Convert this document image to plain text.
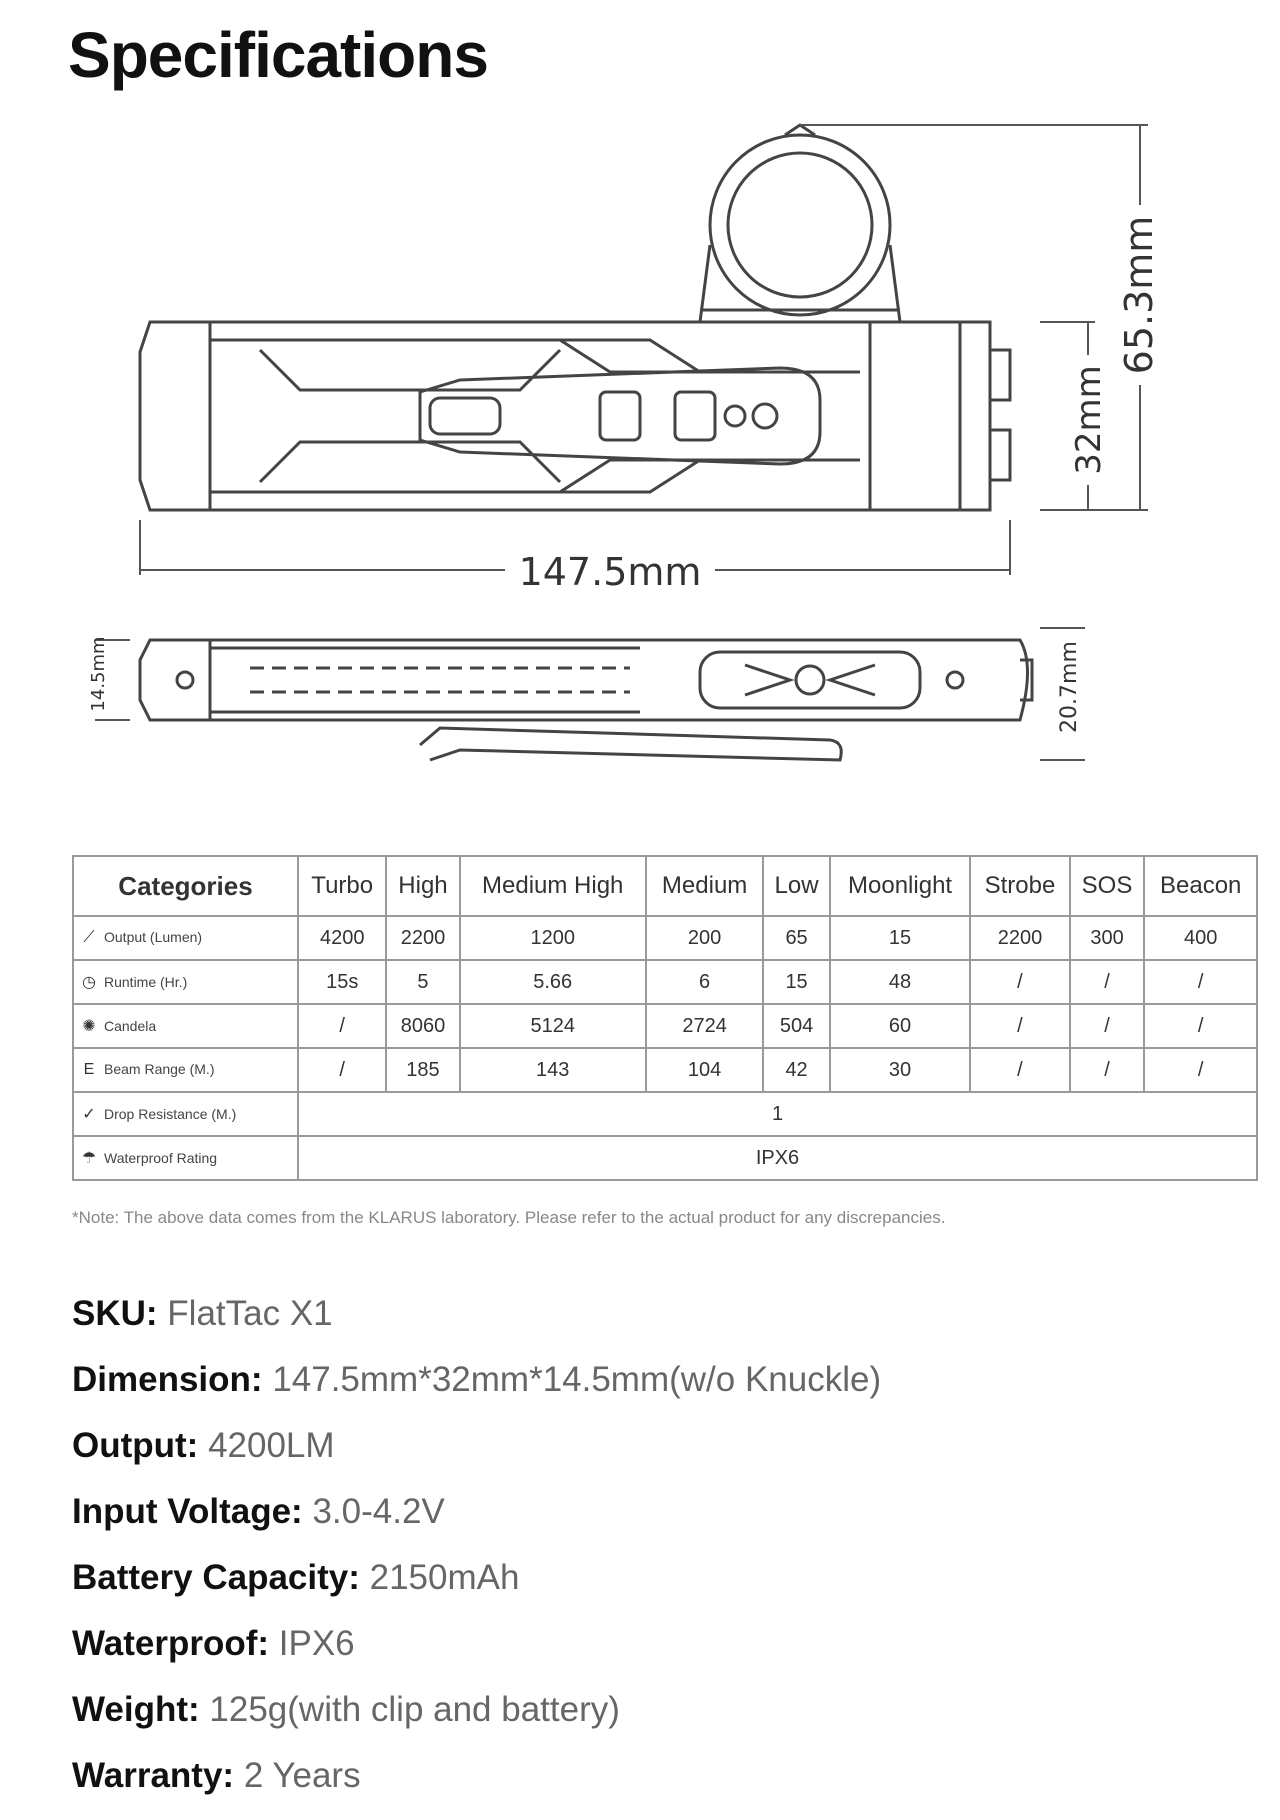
Specifications
147.5mm
32mm
65.3mm
14.5mm	20.7mm
Categories	Turbo	High	Medium High	Medium	Low	Moonlight	Strobe	SOS	Beacon
⟋ Output (Lumen)	4200	2200	1200	200	65	15	2200	300	400
◷ Runtime (Hr.)	15s	5	5.66	6	15	48	/	/	/
✺ Candela	/	8060	5124	2724	504	60	/	/	/
E Beam Range (M.)	/	185	143	104	42	30	/	/	/
✓ Drop Resistance (M.)	1								
☂ Waterproof Rating	IPX6								
*Note: The above data comes from the KLARUS laboratory. Please refer to the actual product for any discrepancies.
SKU: FlatTac X1
Dimension: 147.5mm*32mm*14.5mm(w/o Knuckle)
Output: 4200LM
Input Voltage: 3.0-4.2V
Battery Capacity: 2150mAh
Waterproof: IPX6
Weight: 125g(with clip and battery)
Warranty: 2 Years
